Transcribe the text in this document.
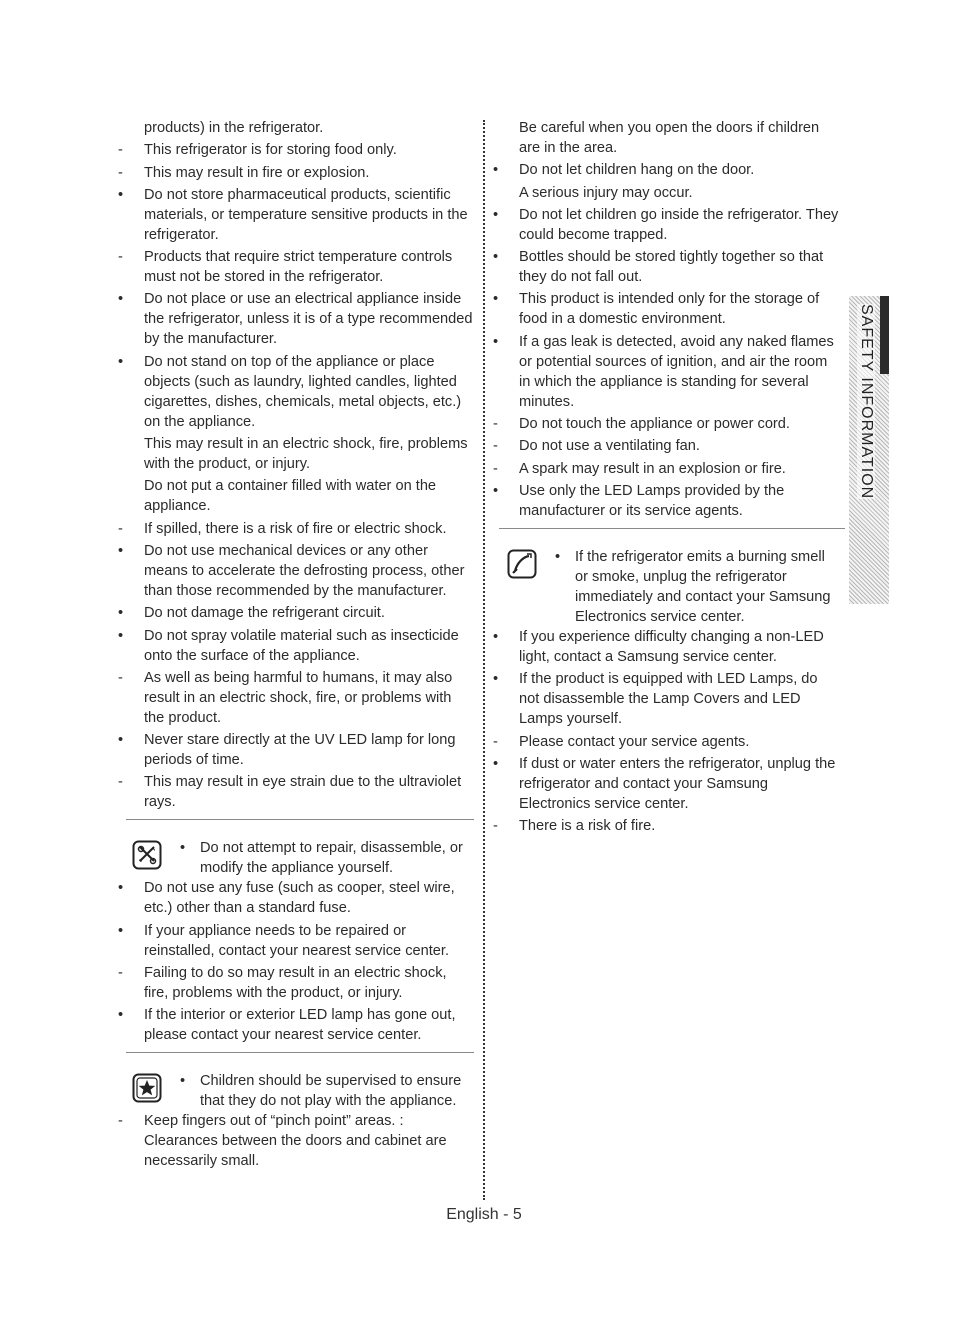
products) in the refrigerator.
-	This refrigerator is for storing food only.
-	This may result in fire or explosion.
•	Do not store pharmaceutical products, scientific materials, or temperature sensitive products in the refrigerator.
-	Products that require strict temperature controls must not be stored in the refrigerator.
•	Do not place or use an electrical appliance inside the refrigerator, unless it is of a type recommended by the manufacturer.
•	Do not stand on top of the appliance or place objects (such as laundry, lighted candles, lighted cigarettes, dishes, chemicals, metal objects, etc.) on the appliance.
This may result in an electric shock, fire, problems with the product, or injury.
Do not put a container filled with water on the appliance.
-	If spilled, there is a risk of fire or electric shock.
•	Do not use mechanical devices or any other means to accelerate the defrosting process, other than those recommended by the manufacturer.
•	Do not damage the refrigerant circuit.
•	Do not spray volatile material such as insecticide onto the surface of the appliance.
-	As well as being harmful to humans, it may also result in an electric shock, fire, or problems with the product.
•	Never stare directly at the UV LED lamp for long periods of time.
-	This may result in eye strain due to the ultraviolet rays.
• Do not attempt to repair, disassemble, or modify the appliance yourself.
•	Do not use any fuse (such as cooper, steel wire, etc.) other than a standard fuse.
•	If your appliance needs to be repaired or reinstalled, contact your nearest service center.
-	Failing to do so may result in an electric shock, fire, problems with the product, or injury.
•	If the interior or exterior LED lamp has gone out, please contact your nearest service center.
• Children should be supervised to ensure that they do not play with the appliance.
-	Keep fingers out of “pinch point” areas. : Clearances between the doors and cabinet are necessarily small.
Be careful when you open the doors if children are in the area.
•	Do not let children hang on the door.
A serious injury may occur.
•	Do not let children go inside the refrigerator. They could become trapped.
•	Bottles should be stored tightly together so that they do not fall out.
•	This product is intended only for the storage of food in a domestic environment.
•	If a gas leak is detected, avoid any naked flames or potential sources of ignition, and air the room in which the appliance is standing for several minutes.
-	Do not touch the appliance or power cord.
-	Do not use a ventilating fan.
-	A spark may result in an explosion or fire.
•	Use only the LED Lamps provided by the manufacturer or its service agents.
• If the refrigerator emits a burning smell or smoke, unplug the refrigerator immediately and contact your Samsung Electronics service center.
•	If you experience difficulty changing a non-LED light, contact a Samsung service center.
•	If the product is equipped with LED Lamps, do not disassemble the Lamp Covers and LED Lamps yourself.
-	Please contact your service agents.
•	If dust or water enters the refrigerator, unplug the refrigerator and contact your Samsung Electronics service center.
-	There is a risk of fire.
SAFETY INFORMATION
English - 5
